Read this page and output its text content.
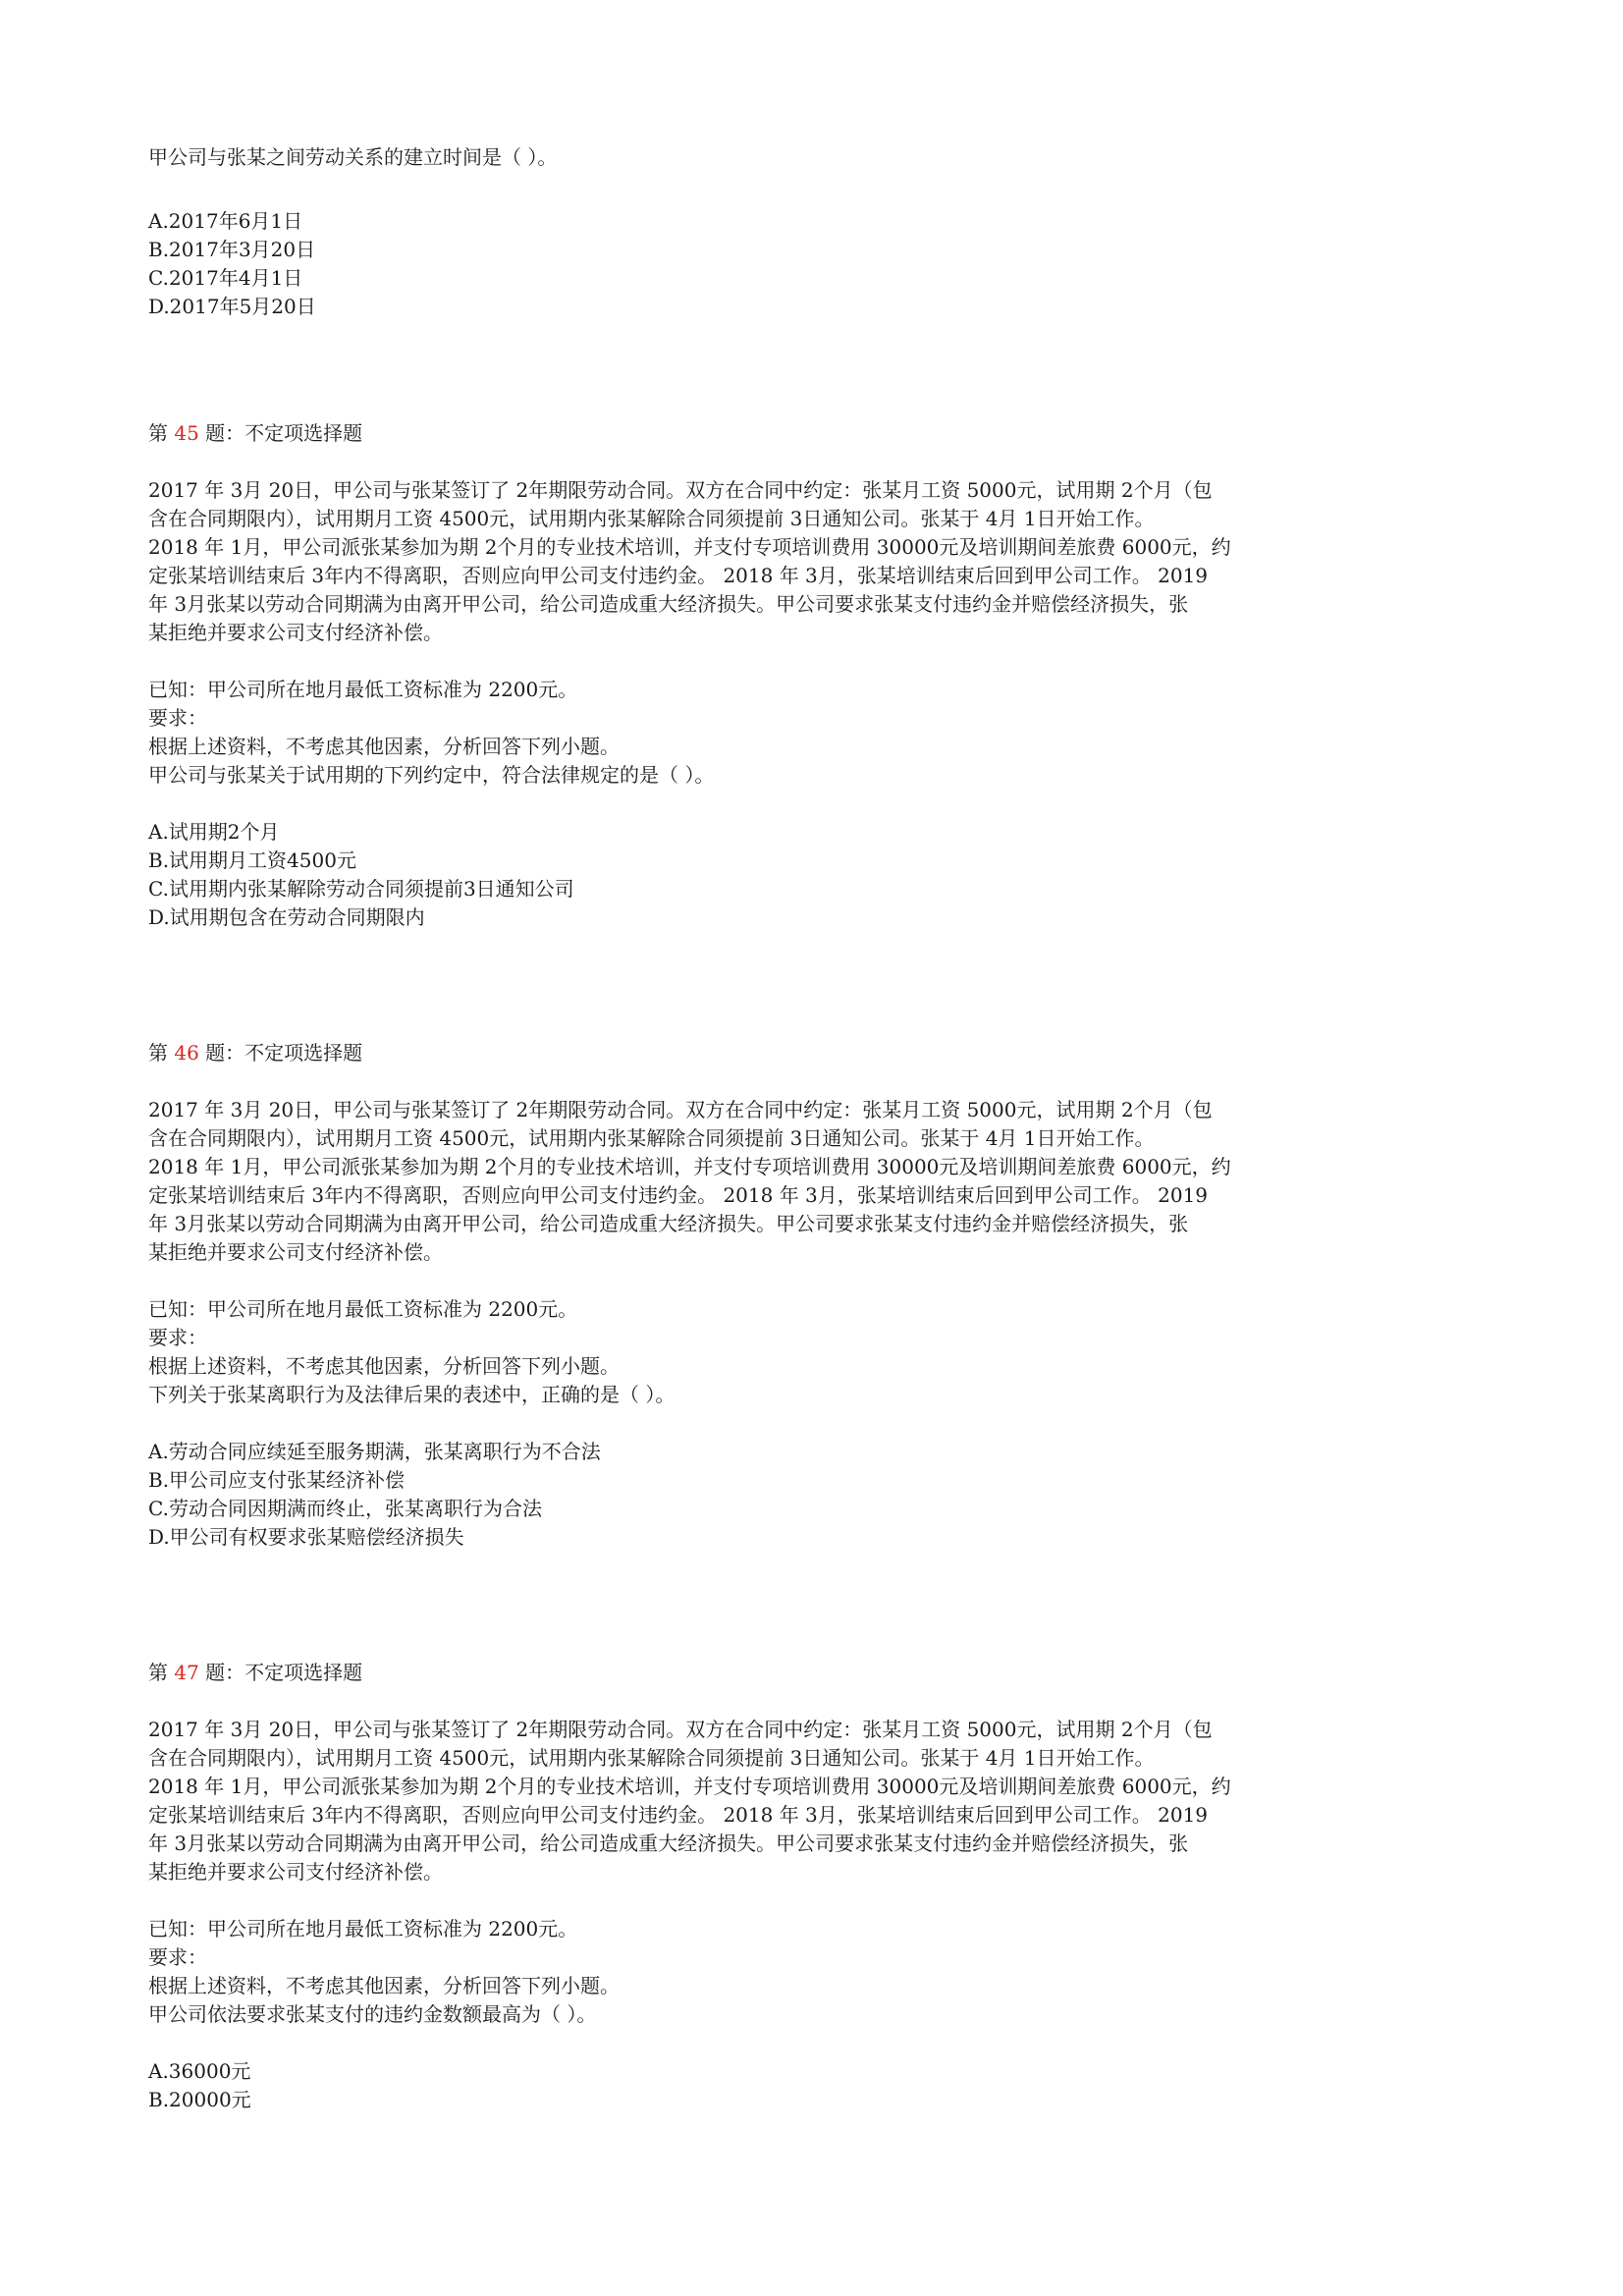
甲公司与张某之间劳动关系的建立时间是（ ）。
A.2017年6月1日
B.2017年3月20日
C.2017年4月1日
D.2017年5月20日
第 45 题：不定项选择题
2017 年 3月 20日，甲公司与张某签订了 2年期限劳动合同。双方在合同中约定：张某月工资 5000元，试用期 2个月（包
含在合同期限内），试用期月工资 4500元，试用期内张某解除合同须提前 3日通知公司。张某于 4月 1日开始工作。
2018 年 1月，甲公司派张某参加为期 2个月的专业技术培训，并支付专项培训费用 30000元及培训期间差旅费 6000元，约
定张某培训结束后 3年内不得离职，否则应向甲公司支付违约金。 2018 年 3月，张某培训结束后回到甲公司工作。 2019
年 3月张某以劳动合同期满为由离开甲公司，给公司造成重大经济损失。甲公司要求张某支付违约金并赔偿经济损失，张
某拒绝并要求公司支付经济补偿。
已知：甲公司所在地月最低工资标准为 2200元。
要求：
根据上述资料，不考虑其他因素，分析回答下列小题。
甲公司与张某关于试用期的下列约定中，符合法律规定的是（ ）。
A.试用期2个月
B.试用期月工资4500元
C.试用期内张某解除劳动合同须提前3日通知公司
D.试用期包含在劳动合同期限内
第 46 题：不定项选择题
2017 年 3月 20日，甲公司与张某签订了 2年期限劳动合同。双方在合同中约定：张某月工资 5000元，试用期 2个月（包
含在合同期限内），试用期月工资 4500元，试用期内张某解除合同须提前 3日通知公司。张某于 4月 1日开始工作。
2018 年 1月，甲公司派张某参加为期 2个月的专业技术培训，并支付专项培训费用 30000元及培训期间差旅费 6000元，约
定张某培训结束后 3年内不得离职，否则应向甲公司支付违约金。 2018 年 3月，张某培训结束后回到甲公司工作。 2019
年 3月张某以劳动合同期满为由离开甲公司，给公司造成重大经济损失。甲公司要求张某支付违约金并赔偿经济损失，张
某拒绝并要求公司支付经济补偿。
已知：甲公司所在地月最低工资标准为 2200元。
要求：
根据上述资料，不考虑其他因素，分析回答下列小题。
下列关于张某离职行为及法律后果的表述中，正确的是（ ）。
A.劳动合同应续延至服务期满，张某离职行为不合法
B.甲公司应支付张某经济补偿
C.劳动合同因期满而终止，张某离职行为合法
D.甲公司有权要求张某赔偿经济损失
第 47 题：不定项选择题
2017 年 3月 20日，甲公司与张某签订了 2年期限劳动合同。双方在合同中约定：张某月工资 5000元，试用期 2个月（包
含在合同期限内），试用期月工资 4500元，试用期内张某解除合同须提前 3日通知公司。张某于 4月 1日开始工作。
2018 年 1月，甲公司派张某参加为期 2个月的专业技术培训，并支付专项培训费用 30000元及培训期间差旅费 6000元，约
定张某培训结束后 3年内不得离职，否则应向甲公司支付违约金。 2018 年 3月，张某培训结束后回到甲公司工作。 2019
年 3月张某以劳动合同期满为由离开甲公司，给公司造成重大经济损失。甲公司要求张某支付违约金并赔偿经济损失，张
某拒绝并要求公司支付经济补偿。
已知：甲公司所在地月最低工资标准为 2200元。
要求：
根据上述资料，不考虑其他因素，分析回答下列小题。
甲公司依法要求张某支付的违约金数额最高为（ ）。
A.36000元
B.20000元
